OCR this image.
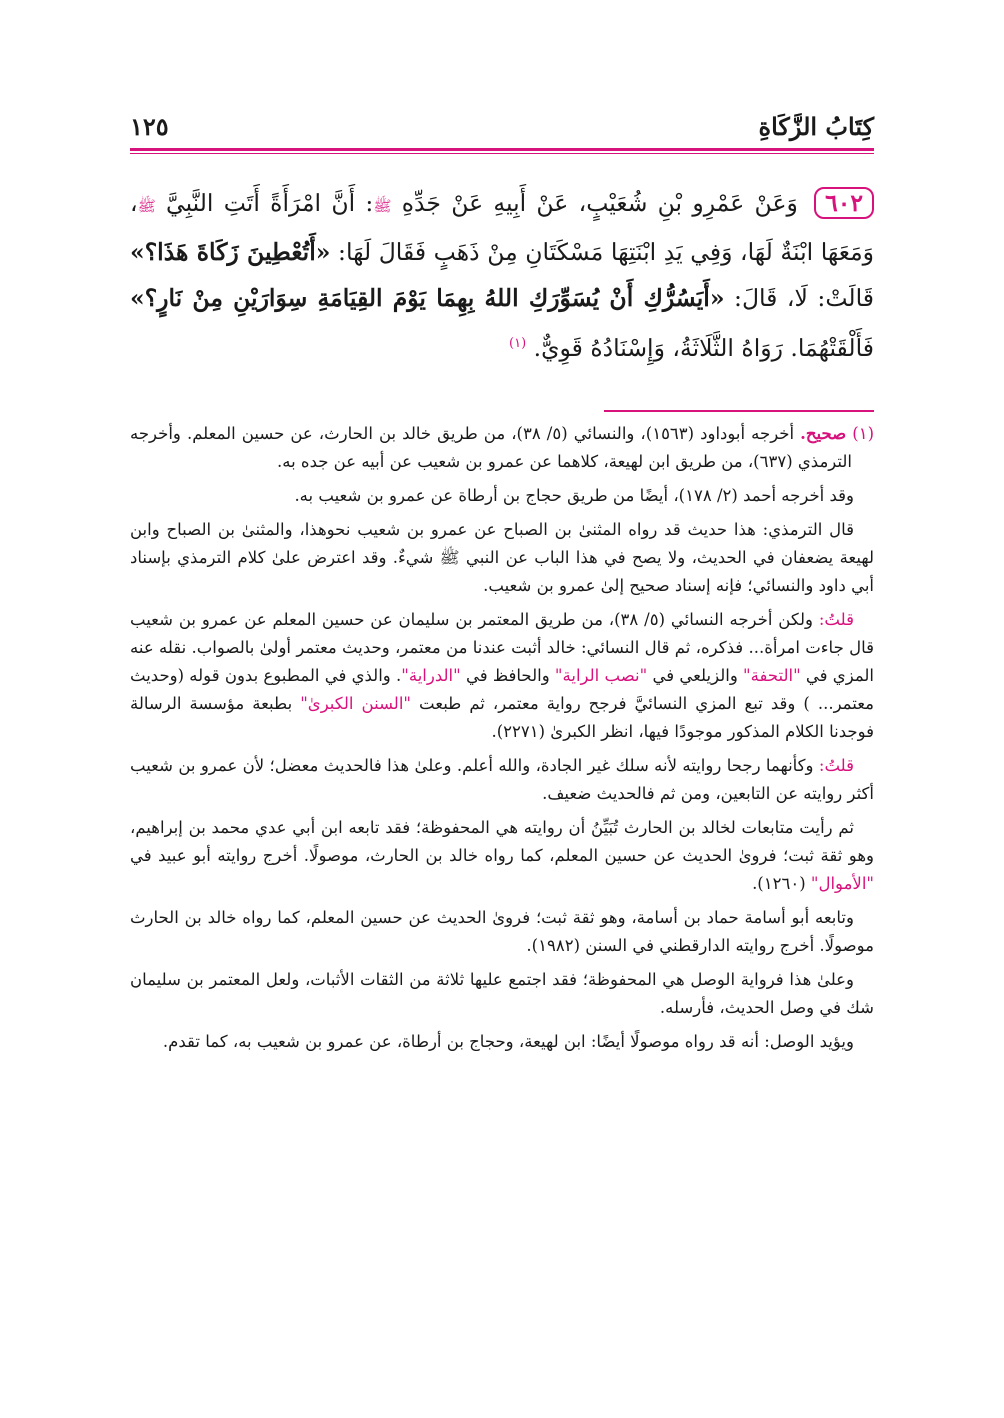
كِتَابُ الزَّكَاةِ
١٢٥
٦٠٢ وَعَنْ عَمْرِو بْنِ شُعَيْبٍ، عَنْ أَبِيهِ عَنْ جَدِّهِ ﷺ: أَنَّ امْرَأَةً أَتَتِ النَّبِيَّ ﷺ، وَمَعَهَا ابْنَةٌ لَهَا، وَفِي يَدِ ابْنَتِهَا مَسْكَتَانِ مِنْ ذَهَبٍ فَقَالَ لَهَا: «أَتُعْطِينَ زَكَاةَ هَذَا؟» قَالَتْ: لَا، قَالَ: «أَيَسُرُّكِ أَنْ يُسَوِّرَكِ اللهُ بِهِمَا يَوْمَ القِيَامَةِ سِوَارَيْنِ مِنْ نَارٍ؟» فَأَلْقَتْهُمَا. رَوَاهُ الثَّلَاثَةُ، وَإِسْنَادُهُ قَوِيٌّ. $^{(١)}$

(١) صحيح. أخرجه أبوداود (١٥٦٣)، والنسائي (٥/ ٣٨)، من طريق خالد بن الحارث، عن حسين المعلم. وأخرجه الترمذي (٦٣٧)، من طريق ابن لهيعة، كلاهما عن عمرو بن شعيب عن أبيه عن جده به.

وقد أخرجه أحمد (٢/ ١٧٨)، أيضًا من طريق حجاج بن أرطاة عن عمرو بن شعيب به.

قال الترمذي: هذا حديث قد رواه المثنىٰ بن الصباح عن عمرو بن شعيب نحوهذا، والمثنىٰ بن الصباح وابن لهيعة يضعفان في الحديث، ولا يصح في هذا الباب عن النبي ﷺ شيءٌ. وقد اعترض علىٰ كلام الترمذي بإسناد أبي داود والنسائي؛ فإنه إسناد صحيح إلىٰ عمرو بن شعيب.

قلتُ: ولكن أخرجه النسائي (٥/ ٣٨)، من طريق المعتمر بن سليمان عن حسين المعلم عن عمرو بن شعيب قال جاءت امرأة... فذكره، ثم قال النسائي: خالد أثبت عندنا من معتمر، وحديث معتمر أولىٰ بالصواب. نقله عنه المزي في "التحفة" والزيلعي في "نصب الراية" والحافظ في "الدراية". والذي في المطبوع بدون قوله (وحديث معتمر... ) وقد تبع المزي النسائيَّ فرجح رواية معتمر، ثم طبعت "السنن الكبرىٰ" بطبعة مؤسسة الرسالة فوجدنا الكلام المذكور موجودًا فيها، انظر الكبرىٰ (٢٢٧١).

قلتُ: وكأنهما رجحا روايته لأنه سلك غير الجادة، والله أعلم. وعلىٰ هذا فالحديث معضل؛ لأن عمرو بن شعيب أكثر روايته عن التابعين، ومن ثم فالحديث ضعيف.

ثم رأيت متابعات لخالد بن الحارث تُبَيِّنُ أن روايته هي المحفوظة؛ فقد تابعه ابن أبي عدي محمد بن إبراهيم، وهو ثقة ثبت؛ فروىٰ الحديث عن حسين المعلم، كما رواه خالد بن الحارث، موصولًا. أخرج روايته أبو عبيد في "الأموال" (١٢٦٠).

وتابعه أبو أسامة حماد بن أسامة، وهو ثقة ثبت؛ فروىٰ الحديث عن حسين المعلم، كما رواه خالد بن الحارث موصولًا. أخرج روايته الدارقطني في السنن (١٩٨٢).

وعلىٰ هذا فرواية الوصل هي المحفوظة؛ فقد اجتمع عليها ثلاثة من الثقات الأثبات، ولعل المعتمر بن سليمان شك في وصل الحديث، فأرسله.

ويؤيد الوصل: أنه قد رواه موصولًا أيضًا: ابن لهيعة، وحجاج بن أرطاة، عن عمرو بن شعيب به، كما تقدم.
